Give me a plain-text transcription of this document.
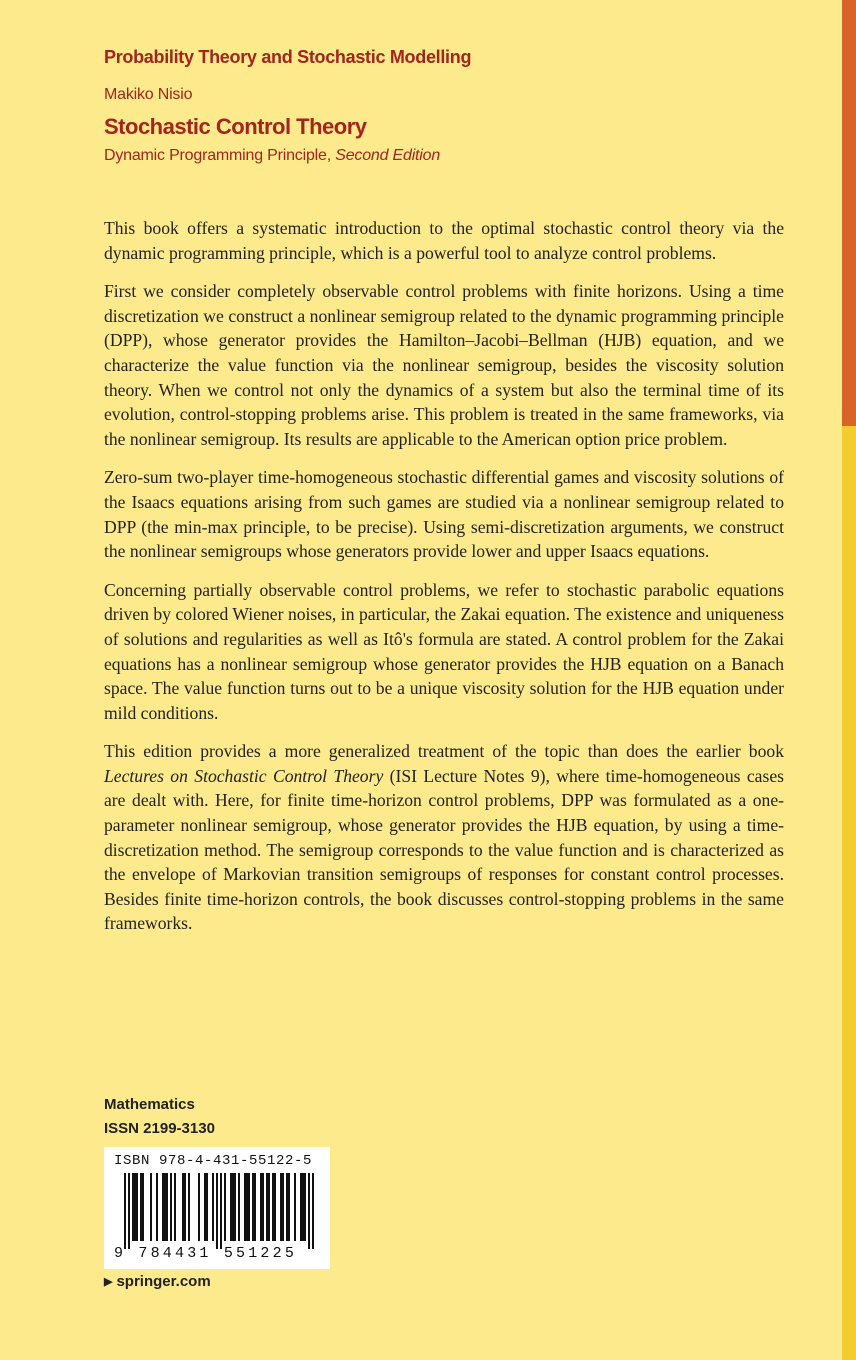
Probability Theory and Stochastic Modelling
Makiko Nisio
Stochastic Control Theory
Dynamic Programming Principle, Second Edition

This book offers a systematic introduction to the optimal stochastic control theory via the dynamic programming principle, which is a powerful tool to analyze control problems.

First we consider completely observable control problems with finite horizons. Using a time discretization we construct a nonlinear semigroup related to the dynamic programming principle (DPP), whose generator provides the Hamilton–Jacobi–Bellman (HJB) equation, and we characterize the value function via the nonlinear semigroup, besides the viscosity solution theory. When we control not only the dynamics of a system but also the terminal time of its evolution, control-stopping problems arise. This problem is treated in the same frameworks, via the nonlinear semigroup. Its results are applicable to the American option price problem.

Zero-sum two-player time-homogeneous stochastic differential games and viscosity solutions of the Isaacs equations arising from such games are studied via a nonlinear semigroup related to DPP (the min-max principle, to be precise). Using semi-discretization arguments, we construct the nonlinear semigroups whose generators provide lower and upper Isaacs equations.

Concerning partially observable control problems, we refer to stochastic parabolic equations driven by colored Wiener noises, in particular, the Zakai equation. The existence and uniqueness of solutions and regularities as well as Itô's formula are stated. A control problem for the Zakai equations has a nonlinear semigroup whose generator provides the HJB equation on a Banach space. The value function turns out to be a unique viscosity solution for the HJB equation under mild conditions.

This edition provides a more generalized treatment of the topic than does the earlier book Lectures on Stochastic Control Theory (ISI Lecture Notes 9), where time-homogeneous cases are dealt with. Here, for finite time-horizon control problems, DPP was formulated as a one-parameter nonlinear semigroup, whose generator provides the HJB equation, by using a time-discretization method. The semigroup corresponds to the value function and is characterized as the envelope of Markovian transition semigroups of responses for constant control processes. Besides finite time-horizon controls, the book discusses control-stopping problems in the same frameworks.

Mathematics
ISSN 2199-3130
ISBN 978-4-431-55122-5
9 784431 551225
▶ springer.com
